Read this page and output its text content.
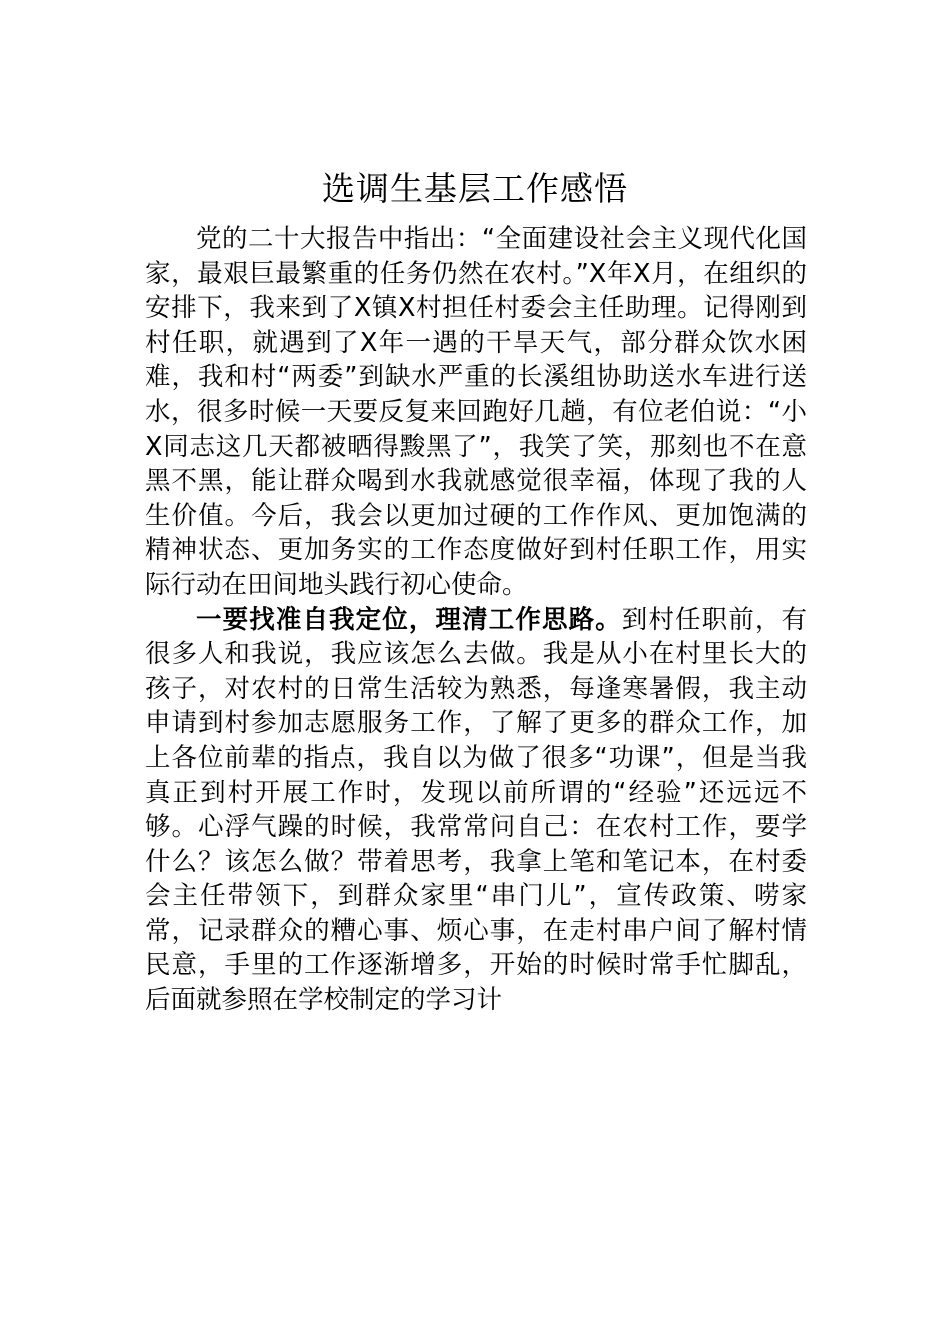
选调生基层工作感悟

党的二十大报告中指出：“全面建设社会主义现代化国家，最艰巨最繁重的任务仍然在农村。”X年X月，在组织的安排下，我来到了X镇X村担任村委会主任助理。记得刚到村任职，就遇到了X年一遇的干旱天气，部分群众饮水困难，我和村“两委”到缺水严重的长溪组协助送水车进行送水，很多时候一天要反复来回跑好几趟，有位老伯说：“小X同志这几天都被晒得黢黑了”，我笑了笑，那刻也不在意黑不黑，能让群众喝到水我就感觉很幸福，体现了我的人生价值。今后，我会以更加过硬的工作作风、更加饱满的精神状态、更加务实的工作态度做好到村任职工作，用实际行动在田间地头践行初心使命。

一要找准自我定位，理清工作思路。到村任职前，有很多人和我说，我应该怎么去做。我是从小在村里长大的孩子，对农村的日常生活较为熟悉，每逢寒暑假，我主动申请到村参加志愿服务工作，了解了更多的群众工作，加上各位前辈的指点，我自以为做了很多“功课”，但是当我真正到村开展工作时，发现以前所谓的“经验”还远远不够。心浮气躁的时候，我常常问自己：在农村工作，要学什么？该怎么做？带着思考，我拿上笔和笔记本，在村委会主任带领下，到群众家里“串门儿”，宣传政策、唠家常，记录群众的糟心事、烦心事，在走村串户间了解村情民意，手里的工作逐渐增多，开始的时候时常手忙脚乱，后面就参照在学校制定的学习计
